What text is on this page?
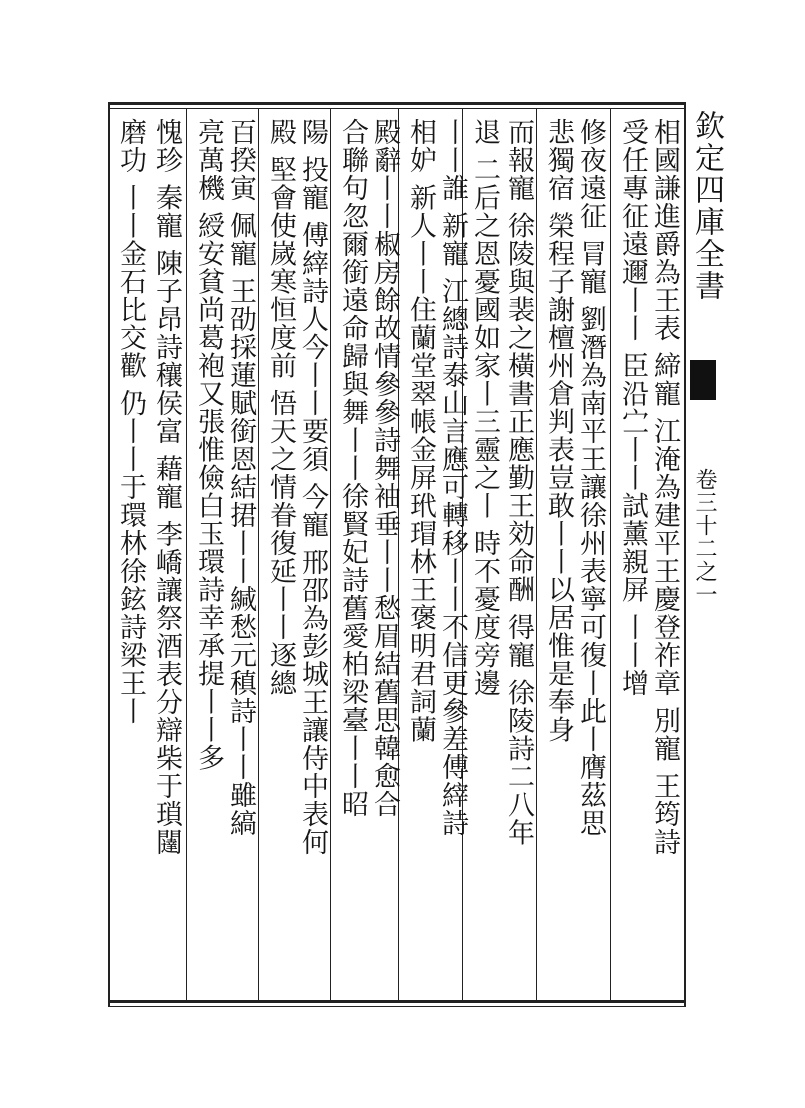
欽定四庫全書
卷三十二之一
相國謙進爵為王表 締寵 江淹為建平王慶登祚章 別寵 王筠詩
受任專征遠邇丨丨 臣沿㝉丨丨試薰親屏 丨丨增
修夜遠征 冐寵 劉潛為南平王讓徐州表寧可復丨此丨膺茲思
悲獨宿 榮程子謝檀州倉判表豈敢丨丨以居惟是奉身
而報寵 徐陵與裴之橫書正應勤王効命酬 得寵 徐陵詩二八年
退 二后之恩憂國如家丨三靈之丨 時不憂度旁邊
丨丨誰 新寵 江總詩泰山言應可轉移丨丨不信更參差傅縡詩
相妒 新人丨丨住蘭堂翠帳金屏玳瑁林王褒明君詞蘭
殿辭丨丨椒房餘故情參參詩舞袖垂丨丨愁眉結舊思韓愈合
合聯句忽爾銜遠命歸與舞丨丨徐賢妃詩舊愛柏梁臺丨丨昭
陽 投寵 傅縡詩人今丨丨要須 今寵 邢邵為彭城王讓侍中表何
殿 堅會使嵗寒恒度前 悟天之情眷復延丨丨逐總
百揆寅 佩寵 王劭採蓮賦銜恩結捃丨丨緘愁元稹詩丨丨雖縞
亮萬機 綬安貧尚葛袍又張惟儉白玉環詩幸承提丨丨多
愧珍 秦寵 陳子昂詩穰侯富 藉寵 李嶠讓祭酒表分辯柴于瑣闥
磨功 丨丨金石比交歡 仍丨丨于環林徐鉉詩梁王丨
